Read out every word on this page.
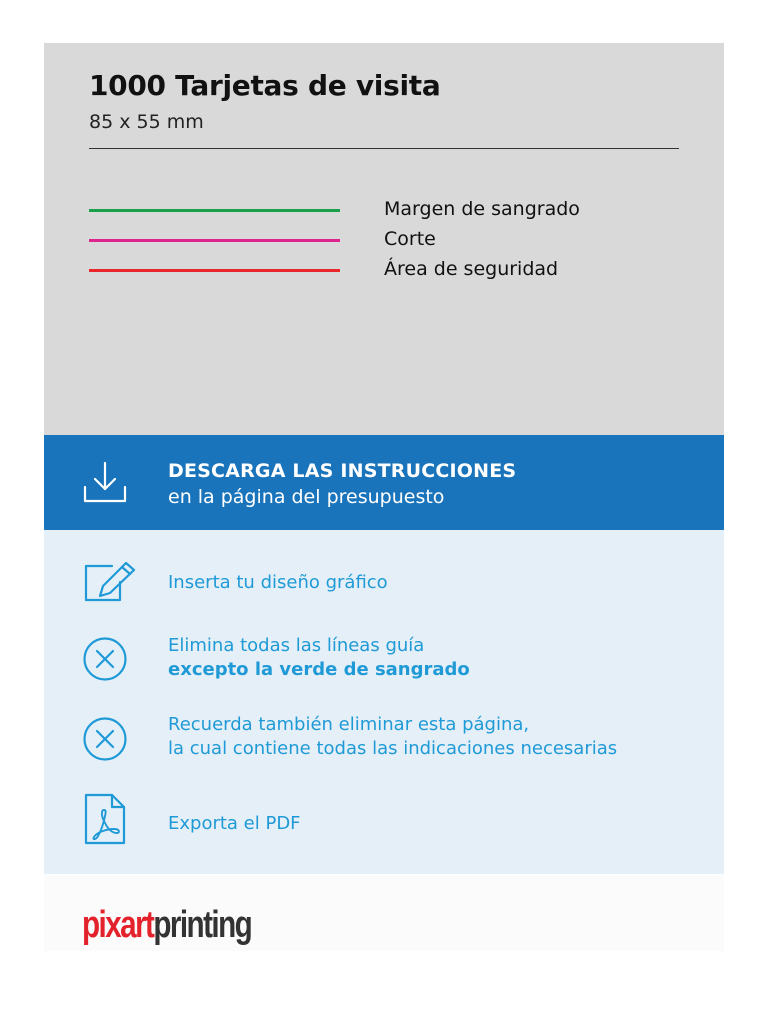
1000 Tarjetas de visita
85 x 55 mm
Margen de sangrado
Corte
Área de seguridad
DESCARGA LAS INSTRUCCIONES
en la página del presupuesto
Inserta tu diseño gráfico
Elimina todas las líneas guía
excepto la verde de sangrado
Recuerda también eliminar esta página,
la cual contiene todas las indicaciones necesarias
Exporta el PDF
pixartprinting
